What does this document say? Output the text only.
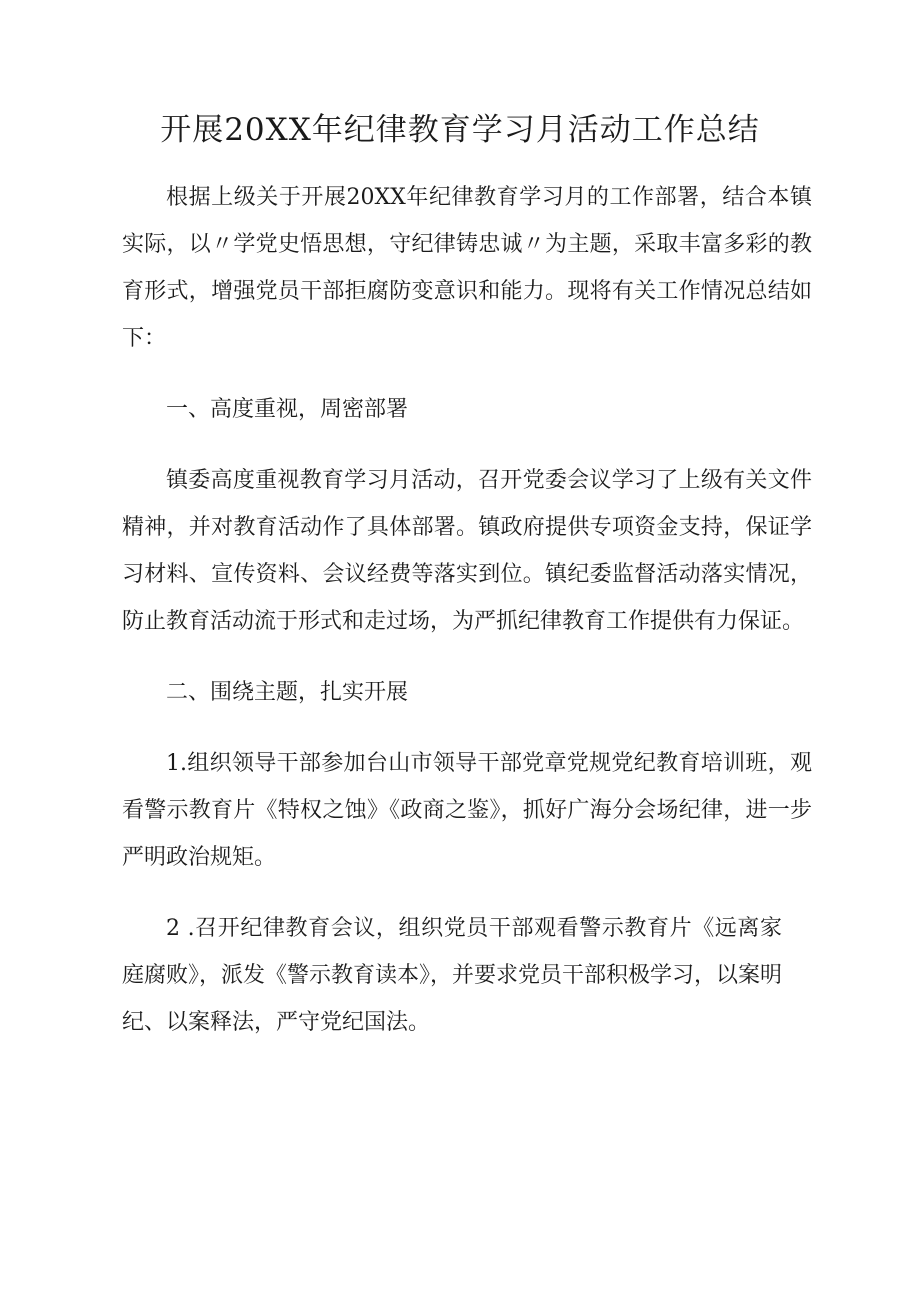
开展20XX年纪律教育学习月活动工作总结

根据上级关于开展20XX年纪律教育学习月的工作部署，结合本镇实际，以〃学党史悟思想，守纪律铸忠诚〃为主题，采取丰富多彩的教育形式，增强党员干部拒腐防变意识和能力。现将有关工作情况总结如下：

一、高度重视，周密部署

镇委高度重视教育学习月活动，召开党委会议学习了上级有关文件精神，并对教育活动作了具体部署。镇政府提供专项资金支持，保证学习材料、宣传资料、会议经费等落实到位。镇纪委监督活动落实情况，防止教育活动流于形式和走过场，为严抓纪律教育工作提供有力保证。

二、围绕主题，扎实开展

1.组织领导干部参加台山市领导干部党章党规党纪教育培训班，观看警示教育片《特权之蚀》《政商之鉴》，抓好广海分会场纪律，进一步严明政治规矩。

2 .召开纪律教育会议，组织党员干部观看警示教育片《远离家庭腐败》，派发《警示教育读本》，并要求党员干部积极学习，以案明纪、以案释法，严守党纪国法。
